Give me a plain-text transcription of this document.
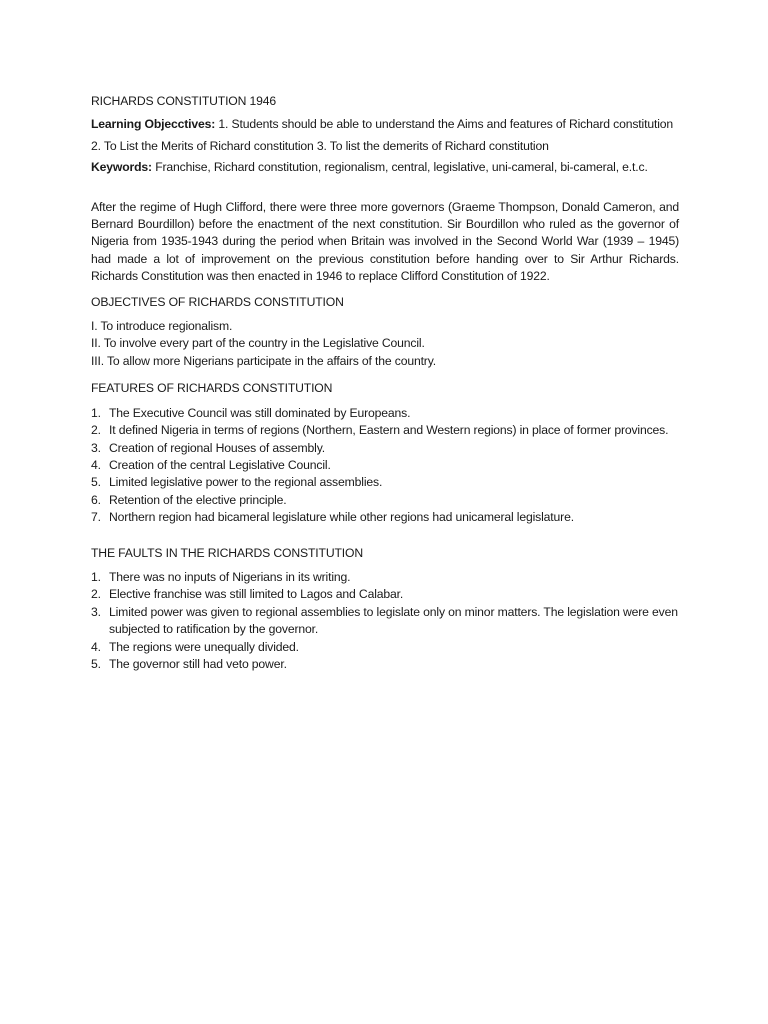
RICHARDS CONSTITUTION 1946

Learning Objecctives: 1. Students should be able to understand the Aims and features of Richard constitution

2. To List the Merits of Richard constitution 3. To list the demerits of Richard constitution

Keywords: Franchise, Richard constitution, regionalism, central, legislative, uni-cameral, bi-cameral, e.t.c.

After the regime of Hugh Clifford, there were three more governors (Graeme Thompson, Donald Cameron, and Bernard Bourdillon) before the enactment of the next constitution. Sir Bourdillon who ruled as the governor of Nigeria from 1935-1943 during the period when Britain was involved in the Second World War (1939 – 1945) had made a lot of improvement on the previous constitution before handing over to Sir Arthur Richards. Richards Constitution was then enacted in 1946 to replace Clifford Constitution of 1922.

OBJECTIVES OF RICHARDS CONSTITUTION

I. To introduce regionalism.
II. To involve every part of the country in the Legislative Council.
III. To allow more Nigerians participate in the affairs of the country.

FEATURES OF RICHARDS CONSTITUTION

1. The Executive Council was still dominated by Europeans.
2. It defined Nigeria in terms of regions (Northern, Eastern and Western regions) in place of former provinces.
3. Creation of regional Houses of assembly.
4. Creation of the central Legislative Council.
5. Limited legislative power to the regional assemblies.
6. Retention of the elective principle.
7. Northern region had bicameral legislature while other regions had unicameral legislature.

THE FAULTS IN THE RICHARDS CONSTITUTION

1. There was no inputs of Nigerians in its writing.
2. Elective franchise was still limited to Lagos and Calabar.
3. Limited power was given to regional assemblies to legislate only on minor matters. The legislation were even subjected to ratification by the governor.
4. The regions were unequally divided.
5. The governor still had veto power.
